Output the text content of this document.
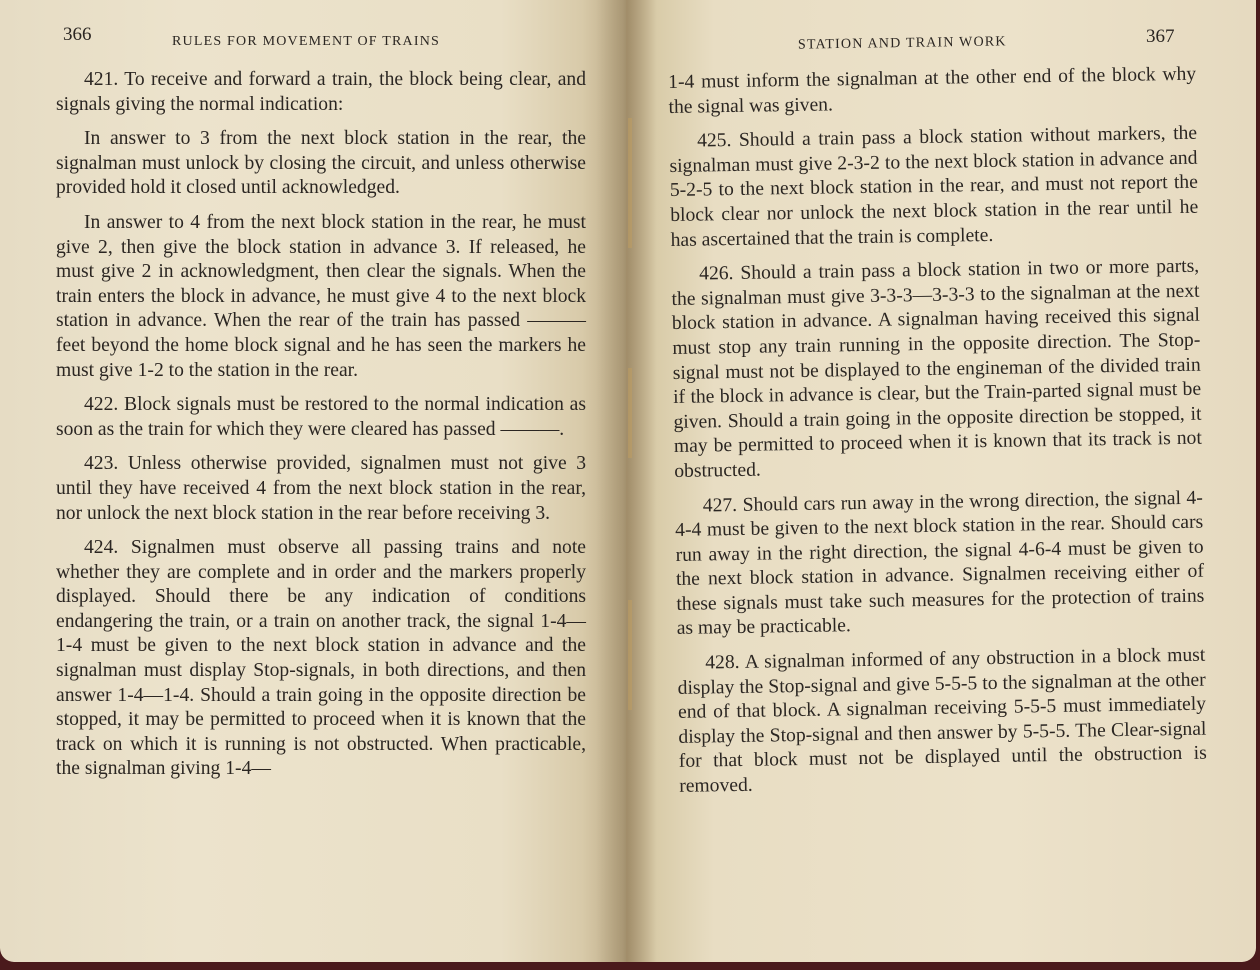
366	RULES FOR MOVEMENT OF TRAINS

421. To receive and forward a train, the block being clear, and signals giving the normal indication:

In answer to 3 from the next block station in the rear, the signalman must unlock by closing the circuit, and unless otherwise provided hold it closed until acknowledged.

In answer to 4 from the next block station in the rear, he must give 2, then give the block station in advance 3. If released, he must give 2 in acknowledgment, then clear the signals. When the train enters the block in advance, he must give 4 to the next block station in advance. When the rear of the train has passed ——— feet beyond the home block signal and he has seen the markers he must give 1-2 to the station in the rear.

422. Block signals must be restored to the normal indication as soon as the train for which they were cleared has passed ———.

423. Unless otherwise provided, signalmen must not give 3 until they have received 4 from the next block station in the rear, nor unlock the next block station in the rear before receiving 3.

424. Signalmen must observe all passing trains and note whether they are complete and in order and the markers properly displayed. Should there be any indication of conditions endangering the train, or a train on another track, the signal 1-4—1-4 must be given to the next block station in advance and the signalman must display Stop-signals, in both directions, and then answer 1-4—1-4. Should a train going in the opposite direction be stopped, it may be permitted to proceed when it is known that the track on which it is running is not obstructed. When practicable, the signalman giving 1-4—

STATION AND TRAIN WORK	367

1-4 must inform the signalman at the other end of the block why the signal was given.

425. Should a train pass a block station without markers, the signalman must give 2-3-2 to the next block station in advance and 5-2-5 to the next block station in the rear, and must not report the block clear nor unlock the next block station in the rear until he has ascertained that the train is complete.

426. Should a train pass a block station in two or more parts, the signalman must give 3-3-3—3-3-3 to the signalman at the next block station in advance. A signalman having received this signal must stop any train running in the opposite direction. The Stop-signal must not be displayed to the engineman of the divided train if the block in advance is clear, but the Train-parted signal must be given. Should a train going in the opposite direction be stopped, it may be permitted to proceed when it is known that its track is not obstructed.

427. Should cars run away in the wrong direction, the signal 4-4-4 must be given to the next block station in the rear. Should cars run away in the right direction, the signal 4-6-4 must be given to the next block station in advance. Signalmen receiving either of these signals must take such measures for the protection of trains as may be practicable.

428. A signalman informed of any obstruction in a block must display the Stop-signal and give 5-5-5 to the signalman at the other end of that block. A signalman receiving 5-5-5 must immediately display the Stop-signal and then answer by 5-5-5. The Clear-signal for that block must not be displayed until the obstruction is removed.
